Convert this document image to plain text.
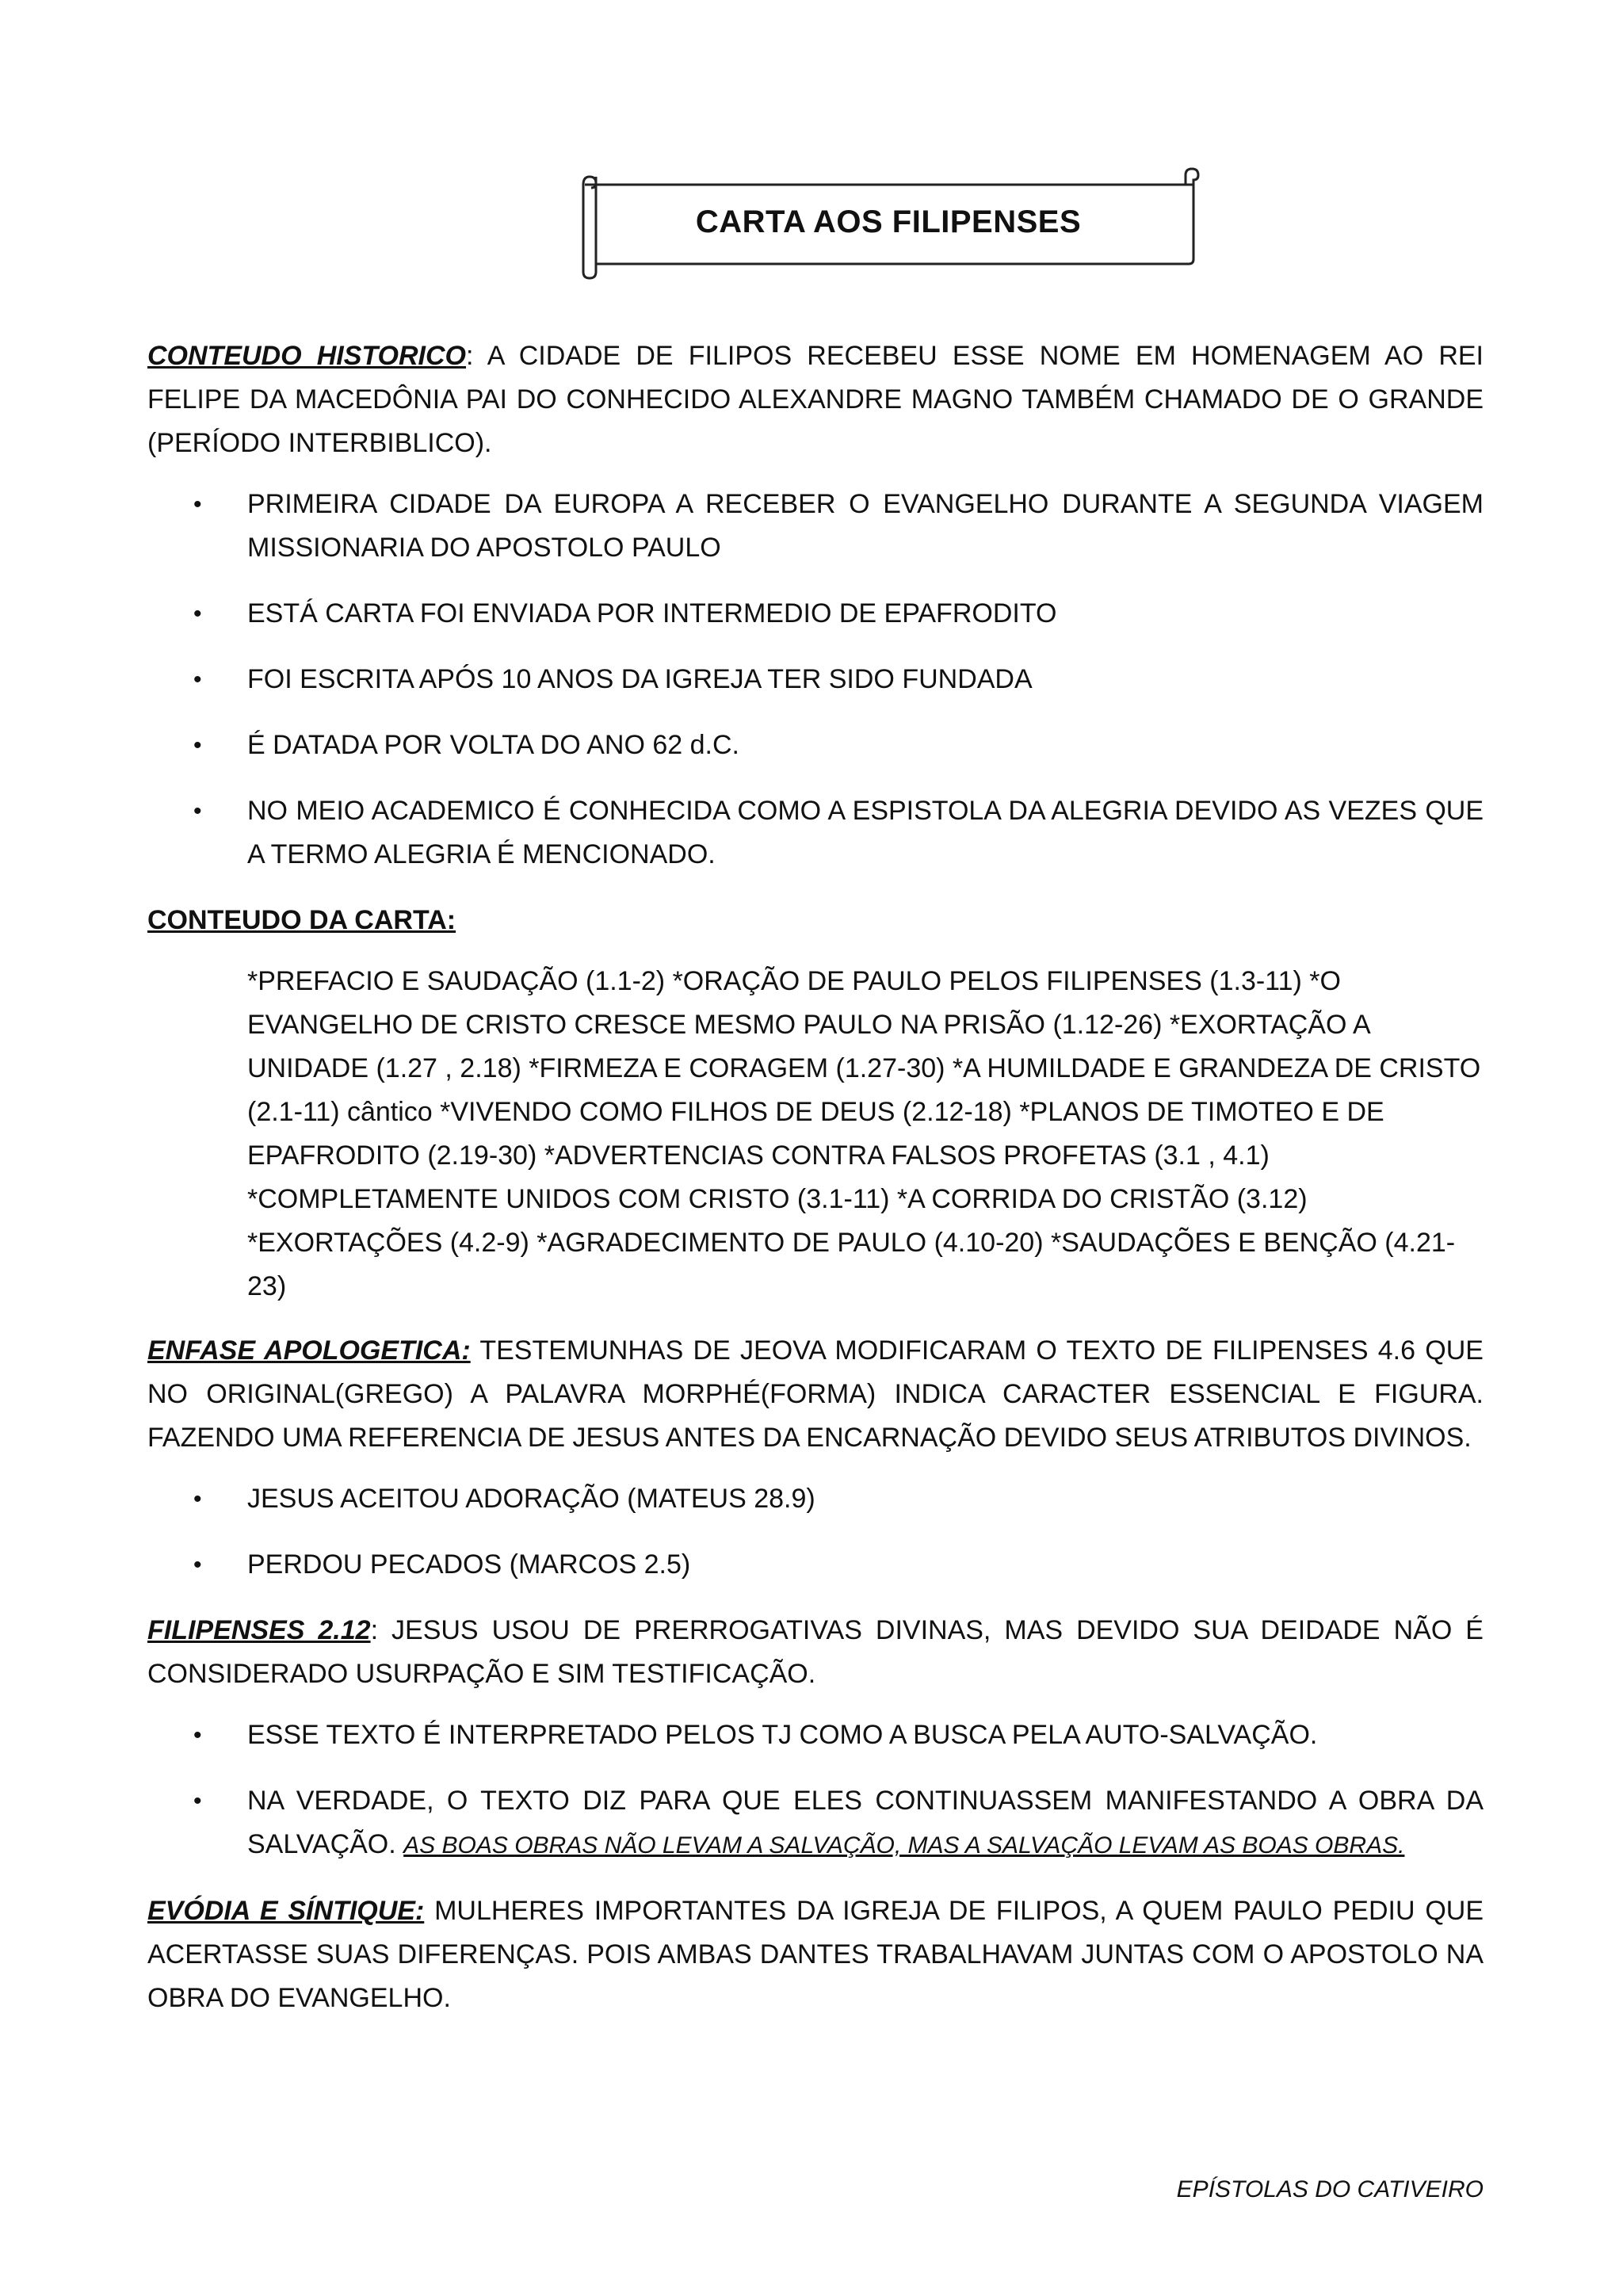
CARTA AOS FILIPENSES

CONTEUDO HISTORICO: A CIDADE DE FILIPOS RECEBEU ESSE NOME EM HOMENAGEM AO REI FELIPE DA MACEDÔNIA PAI DO CONHECIDO ALEXANDRE MAGNO TAMBÉM CHAMADO DE O GRANDE (PERÍODO INTERBIBLICO).

• PRIMEIRA CIDADE DA EUROPA A RECEBER O EVANGELHO DURANTE A SEGUNDA VIAGEM MISSIONARIA DO APOSTOLO PAULO
• ESTÁ CARTA FOI ENVIADA POR INTERMEDIO DE EPAFRODITO
• FOI ESCRITA APÓS 10 ANOS DA IGREJA TER SIDO FUNDADA
• É DATADA POR VOLTA DO ANO 62 d.C.
• NO MEIO ACADEMICO É CONHECIDA COMO A ESPISTOLA DA ALEGRIA DEVIDO AS VEZES QUE A TERMO ALEGRIA É MENCIONADO.

CONTEUDO DA CARTA:

*PREFACIO E SAUDAÇÃO (1.1-2) *ORAÇÃO DE PAULO PELOS FILIPENSES (1.3-11) *O EVANGELHO DE CRISTO CRESCE MESMO PAULO NA PRISÃO (1.12-26) *EXORTAÇÃO A UNIDADE (1.27 , 2.18) *FIRMEZA E CORAGEM (1.27-30) *A HUMILDADE E GRANDEZA DE CRISTO (2.1-11) cântico *VIVENDO COMO FILHOS DE DEUS (2.12-18) *PLANOS DE TIMOTEO E DE EPAFRODITO (2.19-30) *ADVERTENCIAS CONTRA FALSOS PROFETAS (3.1 , 4.1) *COMPLETAMENTE UNIDOS COM CRISTO (3.1-11) *A CORRIDA DO CRISTÃO (3.12) *EXORTAÇÕES (4.2-9) *AGRADECIMENTO DE PAULO (4.10-20) *SAUDAÇÕES E BENÇÃO (4.21-23)

ENFASE APOLOGETICA: TESTEMUNHAS DE JEOVA MODIFICARAM O TEXTO DE FILIPENSES 4.6 QUE NO ORIGINAL(GREGO) A PALAVRA MORPHÉ(FORMA) INDICA CARACTER ESSENCIAL E FIGURA. FAZENDO UMA REFERENCIA DE JESUS ANTES DA ENCARNAÇÃO DEVIDO SEUS ATRIBUTOS DIVINOS.

• JESUS ACEITOU ADORAÇÃO (MATEUS 28.9)
• PERDOU PECADOS (MARCOS 2.5)

FILIPENSES 2.12: JESUS USOU DE PRERROGATIVAS DIVINAS, MAS DEVIDO SUA DEIDADE NÃO É CONSIDERADO USURPAÇÃO E SIM TESTIFICAÇÃO.

• ESSE TEXTO É INTERPRETADO PELOS TJ COMO A BUSCA PELA AUTO-SALVAÇÃO.
• NA VERDADE, O TEXTO DIZ PARA QUE ELES CONTINUASSEM MANIFESTANDO A OBRA DA SALVAÇÃO. AS BOAS OBRAS NÃO LEVAM A SALVAÇÃO, MAS A SALVAÇÃO LEVAM AS BOAS OBRAS.

EVÓDIA E SÍNTIQUE: MULHERES IMPORTANTES DA IGREJA DE FILIPOS, A QUEM PAULO PEDIU QUE ACERTASSE SUAS DIFERENÇAS. POIS AMBAS DANTES TRABALHAVAM JUNTAS COM O APOSTOLO NA OBRA DO EVANGELHO.

EPÍSTOLAS DO CATIVEIRO
